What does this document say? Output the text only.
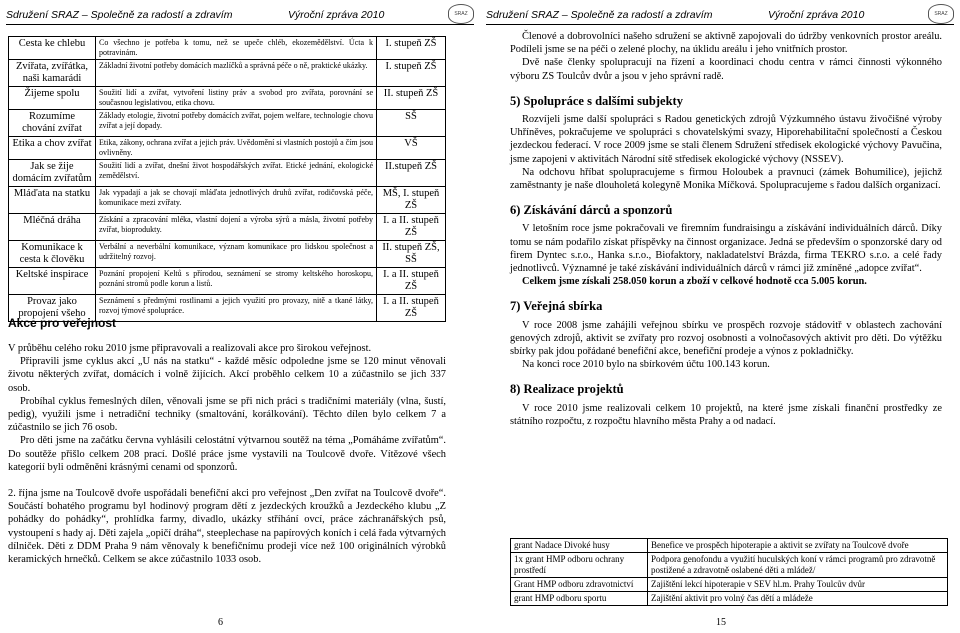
Sdružení SRAZ – Společně za radostí a zdravím	Výroční zpráva 2010	SRAZ
Cesta ke chlebu	Co všechno je potřeba k tomu, než se upeče chléb, ekozemědělství. Úcta k potravinám.	I. stupeň ZŠ
Zvířata, zvířátka, naši kamarádi	Základní životní potřeby domácích mazlíčků a správná péče o ně, praktické ukázky.	I. stupeň ZŠ
Žijeme spolu	Soužití lidí a zvířat, vytvoření listiny práv a svobod pro zvířata, porovnání se současnou legislativou, etika chovu.	II. stupeň ZŠ
Rozumíme chování zvířat	Základy etologie, životní potřeby domácích zvířat, pojem welfare, technologie chovu zvířat a její dopady.	SŠ
Etika a chov zvířat	Etika, zákony, ochrana zvířat a jejich práv. Uvědomění si vlastních postojů a čím jsou ovlivněny.	VŠ
Jak se žije domácím zvířatům	Soužití lidí a zvířat, dnešní život hospodářských zvířat. Etické jednání, ekologické zemědělství.	II.stupeň ZŠ
Mláďata na statku	Jak vypadají a jak se chovají mláďata jednotlivých druhů zvířat, rodičovská péče, komunikace mezi zvířaty.	MŠ, I. stupeň ZŠ
Mléčná dráha	Získání a zpracování mléka, vlastní dojení a výroba sýrů a másla, životní potřeby zvířat, bioprodukty.	I. a II. stupeň ZŠ
Komunikace k cesta k člověku	Verbální a neverbální komunikace, význam komunikace pro lidskou společnost a udržitelný rozvoj.	II. stupeň ZŠ, SŠ
Keltské inspirace	Poznání propojení Keltů s přírodou, seznámení se stromy keltského horoskopu, poznání stromů podle korun a listů.	I. a II. stupeň ZŠ
Provaz jako propojení všeho	Seznámení s předmými rostlinami a jejich využití pro provazy, nitě a tkané látky, rozvoj týmové spolupráce.	I. a II. stupeň ZŠ
Akce pro veřejnost

V průběhu celého roku 2010 jsme připravovali a realizovali akce pro širokou veřejnost.

Připravili jsme cyklus akcí „U nás na statku“ - každé měsíc odpoledne jsme se 120 minut věnovali životu některých zvířat, domácích i volně žijících. Akcí proběhlo celkem 10 a zúčastnilo se jich 337 osob.

Probíhal cyklus řemeslných dílen, věnovali jsme se při nich práci s tradičními materiály (vlna, šustí, pedig), využili jsme i netradiční techniky (smaltování, korálkování). Těchto dílen bylo celkem 7 a zúčastnilo se jich 76 osob.

Pro děti jsme na začátku června vyhlásili celostátní výtvarnou soutěž na téma „Pomáháme zvířatům“. Do soutěže přišlo celkem 208 prací. Došlé práce jsme vystavili na Toulcově dvoře. Vítězové všech kategorií byli odměněni krásnými cenami od sponzorů.

2. října jsme na Toulcově dvoře uspořádali benefiční akci pro veřejnost „Den zvířat na Toulcově dvoře“. Součástí bohatého programu byl hodinový program dětí z jezdeckých kroužků a Jezdeckého klubu „Z pohádky do pohádky“, prohlídka farmy, divadlo, ukázky stříhání ovcí, práce záchranářských psů, vystoupení s hady aj. Děti zajela „opičí dráha“, steeplechase na papírových koních i celá řada výtvarných dílniček. Děti z DDM Praha 9 nám věnovaly k benefičnímu prodeji více než 100 originálních výrobků keramických hrnečků. Celkem se akce zúčastnilo 1033 osob.

6
Sdružení SRAZ – Společně za radostí a zdravím	Výroční zpráva 2010	SRAZ

Členové a dobrovolníci našeho sdružení se aktivně zapojovali do údržby venkovních prostor areálu. Podíleli jsme se na péči o zelené plochy, na úklidu areálu i jeho vnitřních prostor.

Dvě naše členky spolupracují na řízení a koordinaci chodu centra v rámci činnosti výkonného výboru ZS Toulcův dvůr a jsou v jeho správní radě.

5) Spolupráce s dalšími subjekty

Rozvíjeli jsme další spolupráci s Radou genetických zdrojů Výzkumného ústavu živočišné výroby Uhříněves, pokračujeme ve spolupráci s chovatelskými svazy, Hiporehabilitační společností a Českou jezdeckou federací. V roce 2009 jsme se stali členem Sdružení středisek ekologické výchovy Pavučina, jsme zapojeni v aktivitách Národní sítě středisek ekologické výchovy (NSSEV).

Na odchovu hříbat spolupracujeme s firmou Holoubek a pravnuci (zámek Bohumilice), jejichž zaměstnanty je naše dlouholetá kolegyně Monika Míčková. Spolupracujeme s řadou dalších organizací.

6) Získávání dárců a sponzorů

V letošním roce jsme pokračovali ve firemním fundraisingu a získávání individuálních dárců. Díky tomu se nám podařilo získat příspěvky na činnost organizace. Jedná se především o sponzorské dary od firem Dyntec s.r.o., Hanka s.r.o., Biofaktory, nakladatelství Brázda, firma TEKRO s.r.o. a celé řady jednotlivců. Významné je také získávání individuálních dárců v rámci již zmíněné „adopce zvířat“.

Celkem jsme získali 258.050 korun a zboží v celkové hodnotě cca 5.005 korun.

7) Veřejná sbírka

V roce 2008 jsme zahájili veřejnou sbírku ve prospěch rozvoje stádovitř v oblastech zachování genových zdrojů, aktivit se zvířaty pro rozvoj osobnosti a volnočasových aktivit pro děti. Do výtěžku sbírky pak jdou pořádané benefiční akce, benefiční prodeje a výnos z pokladničky.

Na konci roce 2010 bylo na sbírkovém účtu 100.143 korun.

8) Realizace projektů

V roce 2010 jsme realizovali celkem 10 projektů, na které jsme získali finanční prostředky ze státního rozpočtu, z rozpočtu hlavního města Prahy a od nadací.

grant Nadace Divoké husy	Benefice ve prospěch hipoterapie a aktivit se zvířaty na Toulcově dvoře
1x grant HMP odboru ochrany prostředí	Podpora genofondu a využití huculských koní v rámci programů pro zdravotně postižené a zdravotně oslabené děti a mládež/
Grant HMP odboru zdravotnictví	Zajištění lekcí hipoterapie v SEV hl.m. Prahy Toulcův dvůr
grant HMP odboru sportu	Zajištění aktivit pro volný čas dětí a mládeže
15
